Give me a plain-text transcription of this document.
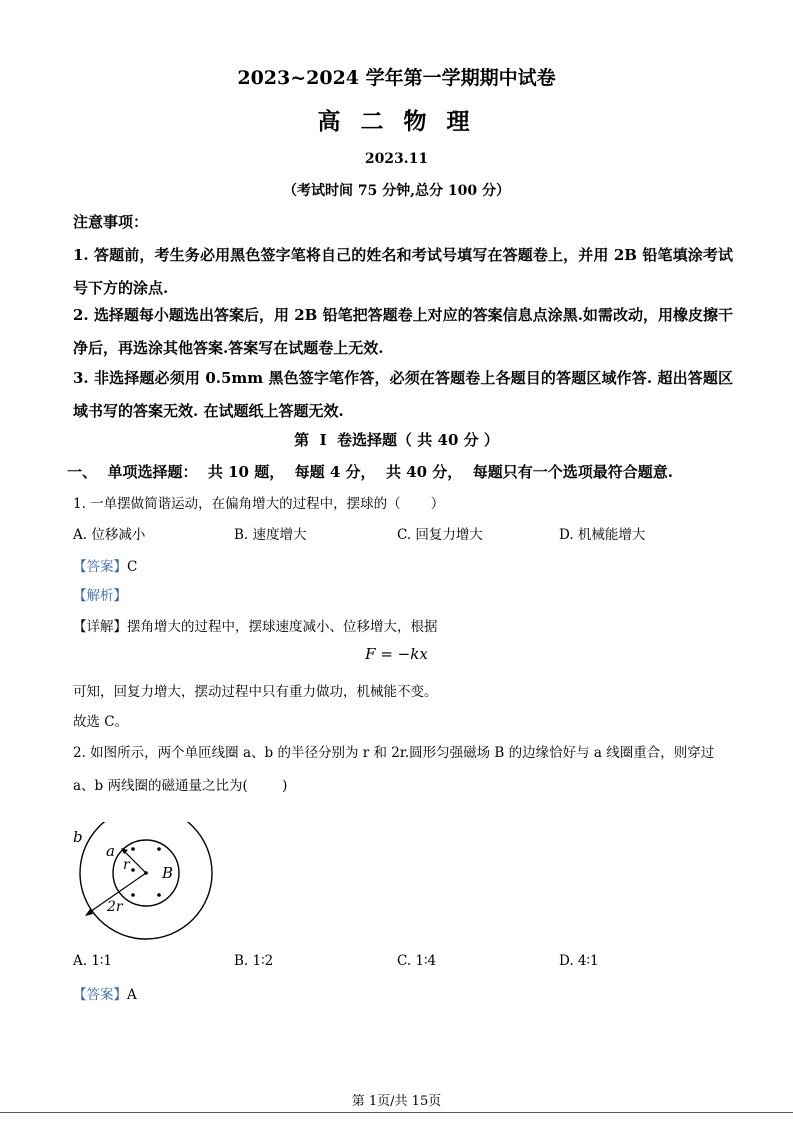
2023~2024 学年第一学期期中试卷
高 二 物 理
2023.11
（考试时间 75 分钟,总分 100 分）
注意事项：
1. 答题前，考生务必用黑色签字笔将自己的姓名和考试号填写在答题卷上，并用 2B 铅笔填涂考试号下方的涂点.
2. 选择题每小题选出答案后，用 2B 铅笔把答题卷上对应的答案信息点涂黑.如需改动，用橡皮擦干净后，再选涂其他答案.答案写在试题卷上无效.
3. 非选择题必须用 0.5mm 黑色签字笔作答，必须在答题卷上各题目的答题区域作答. 超出答题区域书写的答案无效. 在试题纸上答题无效.
第  I  卷选择题（ 共 40 分 ）
一、  单项选择题：  共 10 题，  每题 4 分，  共 40 分，  每题只有一个选项最符合题意.
1. 一单摆做简谐运动，在偏角增大的过程中，摆球的（       ）
A. 位移减小	B. 速度增大	C. 回复力增大	D. 机械能增大
【答案】C
【解析】
【详解】摆角增大的过程中，摆球速度减小、位移增大，根据
F = −kx
可知，回复力增大，摆动过程中只有重力做功，机械能不变。
故选 C。
2. 如图所示，两个单匝线圈 a、b 的半径分别为 r 和 2r.圆形匀强磁场 B 的边缘恰好与 a 线圈重合，则穿过
a、b 两线圈的磁通量之比为(        )
b
a
r B
2r
A. 1∶1	B. 1∶2	C. 1∶4	D. 4∶1
【答案】A
第 1页/共 15页
